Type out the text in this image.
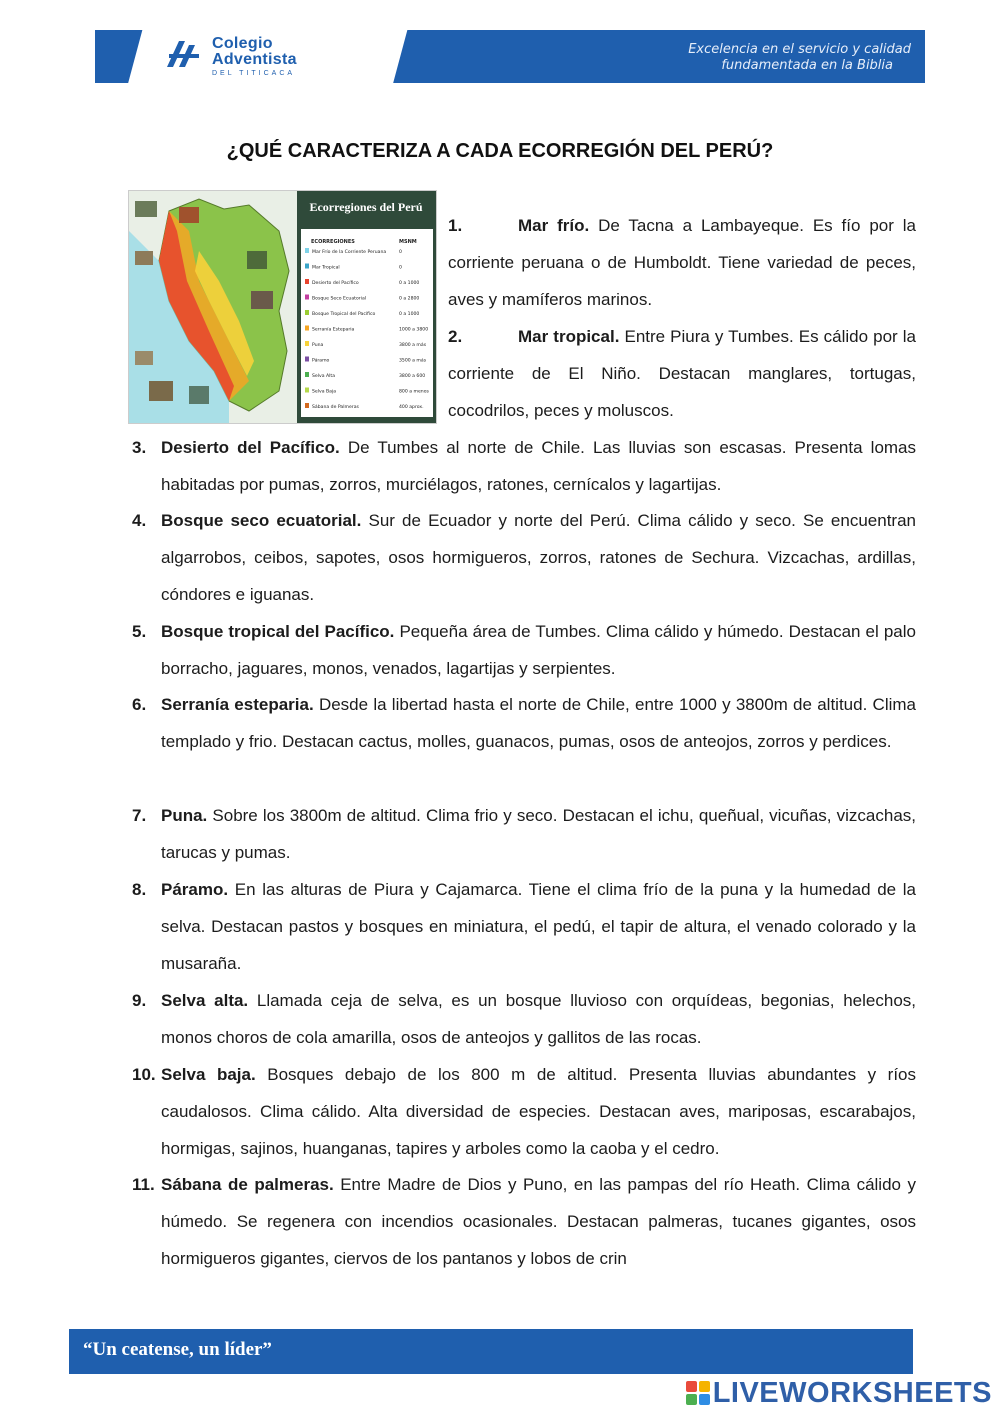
Colegio
Adventista
DEL TITICACA
Excelencia en el servicio y calidad
fundamentada en la Biblia
¿QUÉ CARACTERIZA A CADA ECORREGIÓN DEL PERÚ?
Ecorregiones del Perú
ECORREGIONES	MSNM
Mar Frío de la Corriente Peruana	0
Mar Tropical	0
Desierto del Pacífico	0 a 1000
Bosque Seco Ecuatorial	0 a 2800
Bosque Tropical del Pacífico	0 a 1000
Serranía Esteparia	1000 a 3800
Puna	3800 a más
Páramo	3500 a más
Selva Alta	3800 a 600
Selva Baja	800 a menos
Sábana de Palmeras	400 aprox.
1.	Mar frío. De Tacna a Lambayeque. Es fío por la corriente peruana o de Humboldt. Tiene variedad de peces, aves y mamíferos marinos.
2.	Mar tropical. Entre Piura y Tumbes. Es cálido por la corriente de El Niño. Destacan manglares, tortugas, cocodrilos, peces y moluscos.
3. Desierto del Pacífico. De Tumbes al norte de Chile. Las lluvias son escasas. Presenta lomas habitadas por pumas, zorros, murciélagos, ratones, cernícalos y lagartijas.
4. Bosque seco ecuatorial. Sur de Ecuador y norte del Perú. Clima cálido y seco. Se encuentran algarrobos, ceibos, sapotes, osos hormigueros, zorros, ratones de Sechura. Vizcachas, ardillas, cóndores e iguanas.
5. Bosque tropical del Pacífico. Pequeña área de Tumbes. Clima cálido y húmedo. Destacan el palo borracho, jaguares, monos, venados, lagartijas y serpientes.
6. Serranía esteparia. Desde la libertad hasta el norte de Chile, entre 1000 y 3800m de altitud. Clima templado y frio. Destacan cactus, molles, guanacos, pumas, osos de anteojos, zorros y perdices.
7. Puna. Sobre los 3800m de altitud. Clima frio y seco. Destacan el ichu, queñual, vicuñas, vizcachas, tarucas y pumas.
8. Páramo. En las alturas de Piura y Cajamarca. Tiene el clima frío de la puna y la humedad de la selva. Destacan pastos y bosques en miniatura, el pedú, el tapir de altura, el venado colorado y la musaraña.
9. Selva alta. Llamada ceja de selva, es un bosque lluvioso con orquídeas, begonias, helechos, monos choros de cola amarilla, osos de anteojos y gallitos de las rocas.
10. Selva baja. Bosques debajo de los 800 m de altitud. Presenta lluvias abundantes y ríos caudalosos. Clima cálido. Alta diversidad de especies. Destacan aves, mariposas, escarabajos, hormigas, sajinos, huanganas, tapires y arboles como la caoba y el cedro.
11. Sábana de palmeras. Entre Madre de Dios y Puno, en las pampas del río Heath. Clima cálido y húmedo. Se regenera con incendios ocasionales. Destacan palmeras, tucanes gigantes, osos hormigueros gigantes, ciervos de los pantanos y lobos de crin
“Un ceatense, un líder”
LIVEWORKSHEETS
